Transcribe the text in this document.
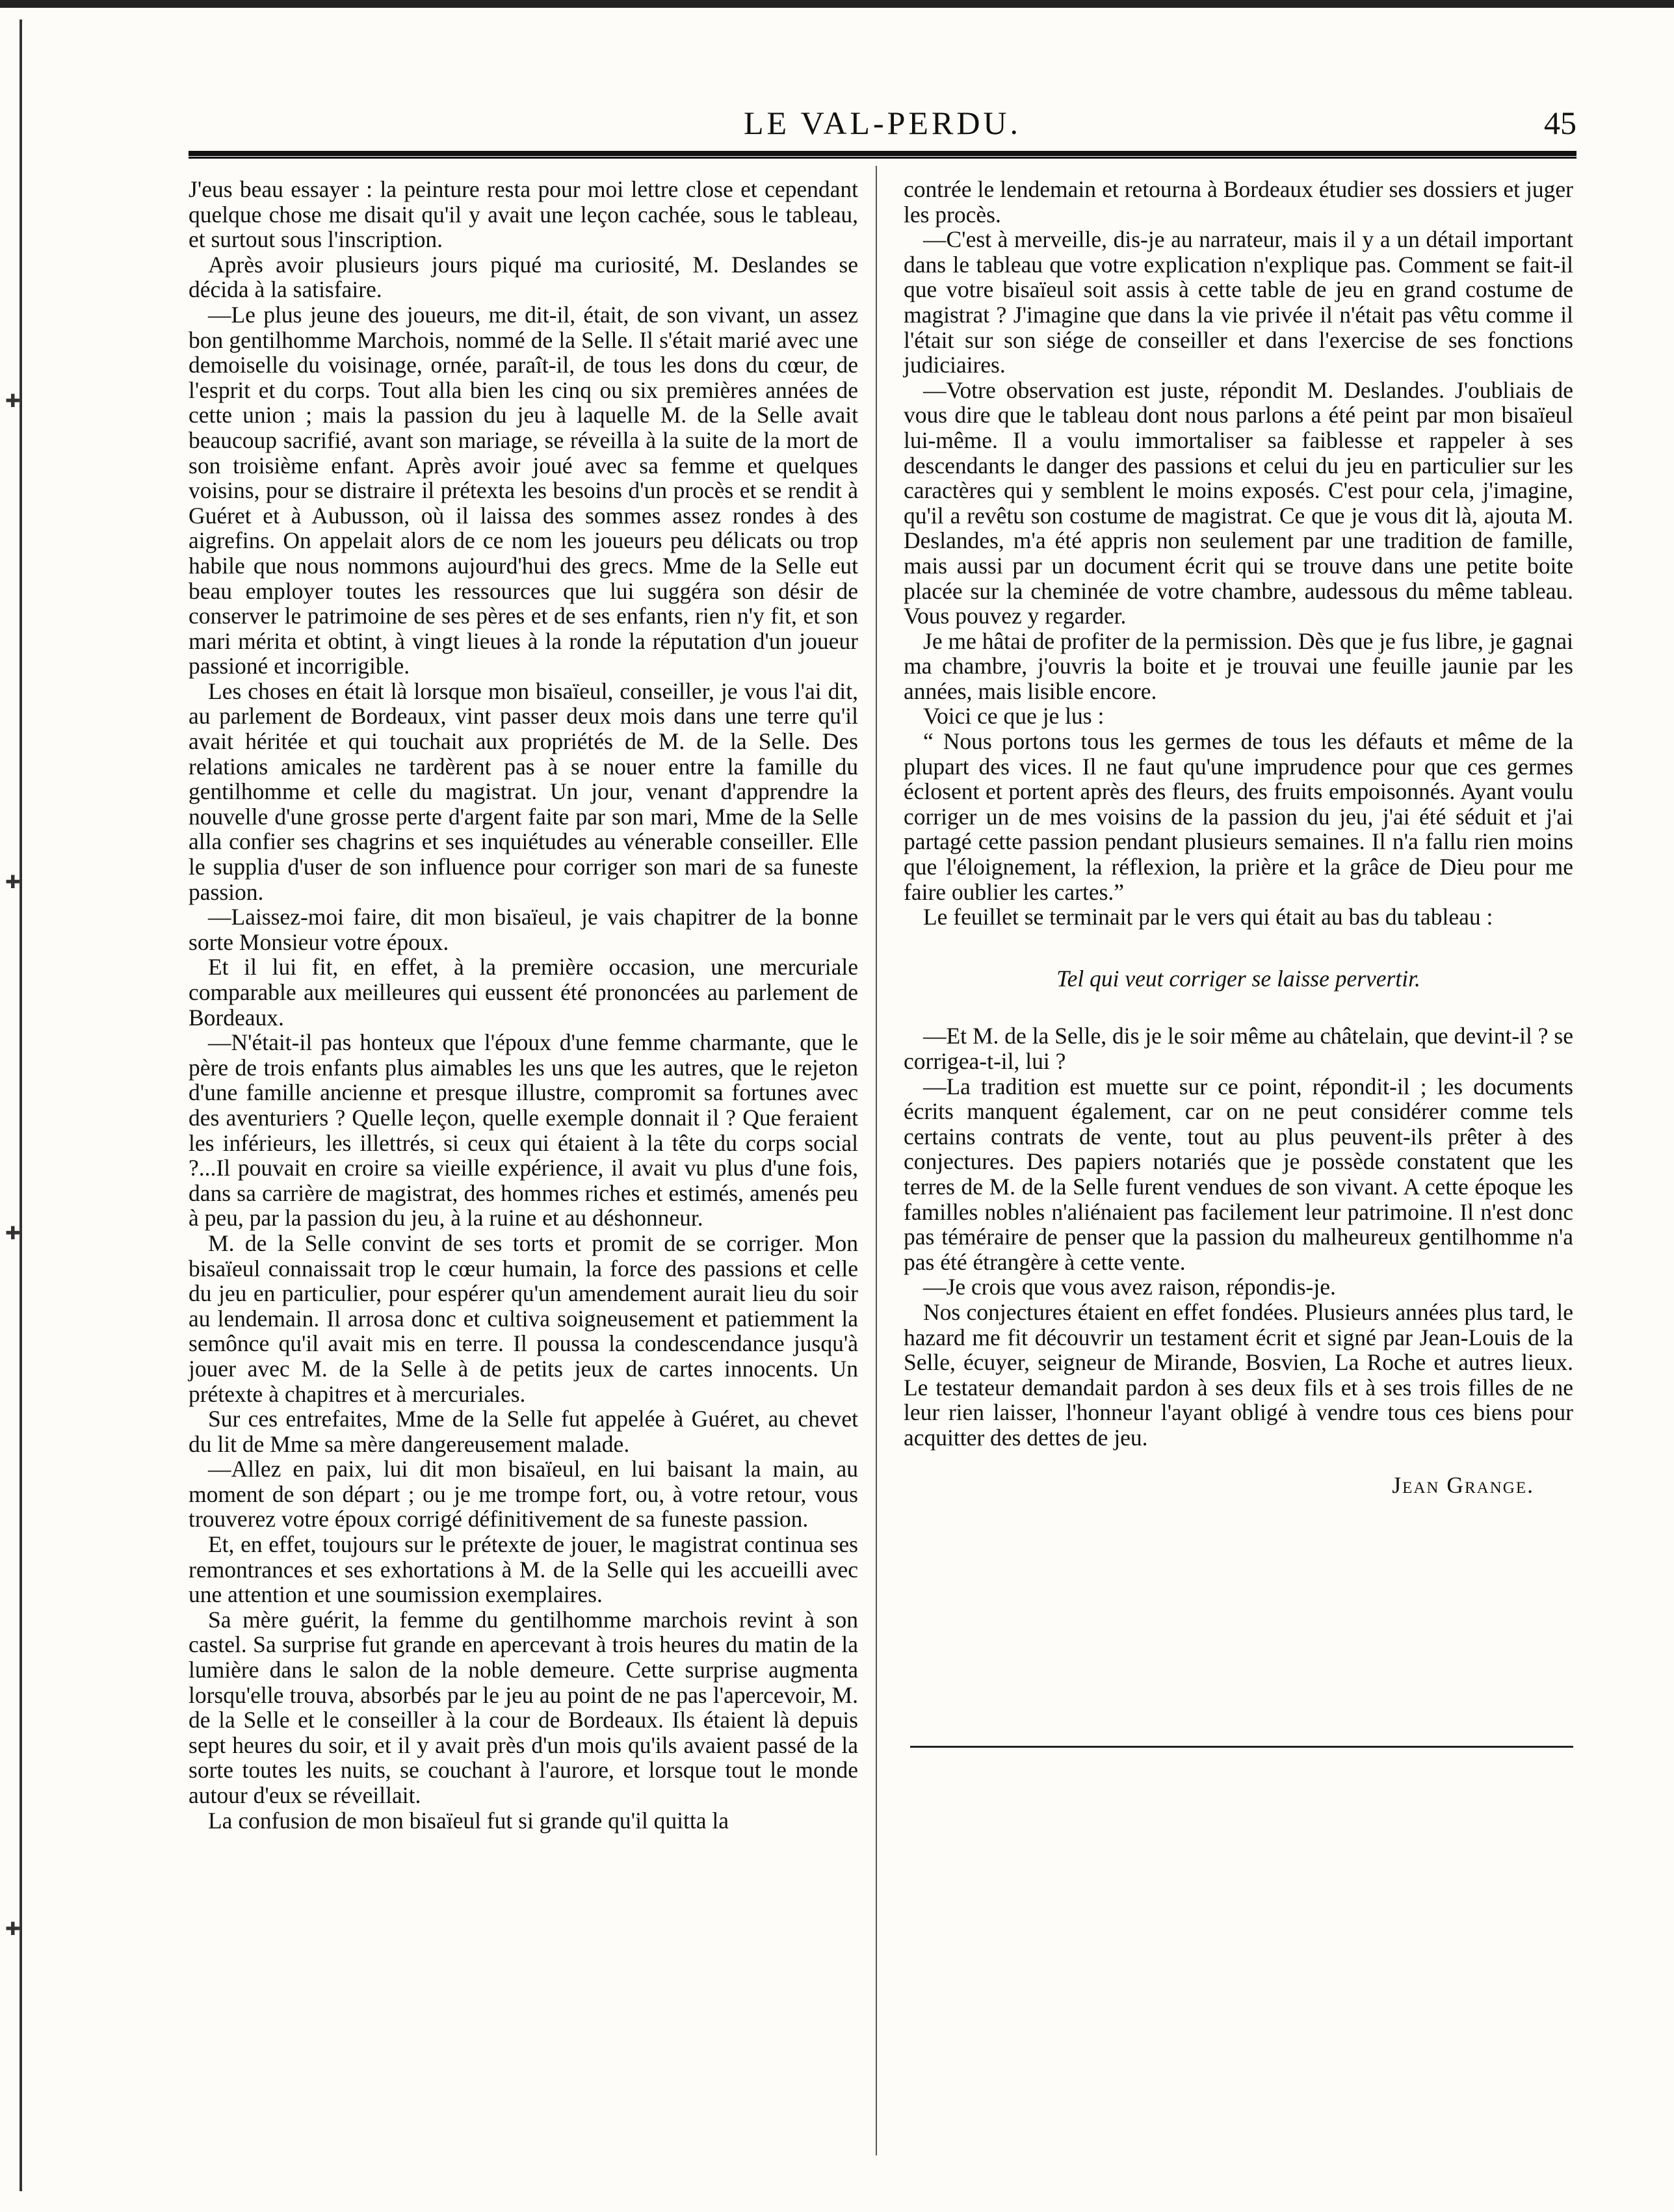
✚
✚
✚
✚
LE VAL-PERDU.	45

J'eus beau essayer : la peinture resta pour moi lettre close et cependant quelque chose me disait qu'il y avait une leçon cachée, sous le tableau, et surtout sous l'inscription.

Après avoir plusieurs jours piqué ma curiosité, M. Deslandes se décida à la satisfaire.

—Le plus jeune des joueurs, me dit-il, était, de son vivant, un assez bon gentilhomme Marchois, nommé de la Selle. Il s'était marié avec une demoiselle du voisinage, ornée, paraît-il, de tous les dons du cœur, de l'esprit et du corps. Tout alla bien les cinq ou six premières années de cette union ; mais la passion du jeu à laquelle M. de la Selle avait beaucoup sacrifié, avant son mariage, se réveilla à la suite de la mort de son troisième enfant. Après avoir joué avec sa femme et quelques voisins, pour se distraire il prétexta les besoins d'un procès et se rendit à Guéret et à Aubusson, où il laissa des sommes assez rondes à des aigrefins. On appelait alors de ce nom les joueurs peu délicats ou trop habile que nous nommons aujourd'hui des grecs. Mme de la Selle eut beau employer toutes les ressources que lui suggéra son désir de conserver le patrimoine de ses pères et de ses enfants, rien n'y fit, et son mari mérita et obtint, à vingt lieues à la ronde la réputation d'un joueur passioné et incorrigible.

Les choses en était là lorsque mon bisaïeul, conseiller, je vous l'ai dit, au parlement de Bordeaux, vint passer deux mois dans une terre qu'il avait héritée et qui touchait aux propriétés de M. de la Selle. Des relations amicales ne tardèrent pas à se nouer entre la famille du gentilhomme et celle du magistrat. Un jour, venant d'apprendre la nouvelle d'une grosse perte d'argent faite par son mari, Mme de la Selle alla confier ses chagrins et ses inquiétudes au vénerable conseiller. Elle le supplia d'user de son influence pour corriger son mari de sa funeste passion.

—Laissez-moi faire, dit mon bisaïeul, je vais chapitrer de la bonne sorte Monsieur votre époux.

Et il lui fit, en effet, à la première occasion, une mercuriale comparable aux meilleures qui eussent été prononcées au parlement de Bordeaux.

—N'était-il pas honteux que l'époux d'une femme charmante, que le père de trois enfants plus aimables les uns que les autres, que le rejeton d'une famille ancienne et presque illustre, compromit sa fortunes avec des aventuriers ? Quelle leçon, quelle exemple donnait il ? Que feraient les inférieurs, les illettrés, si ceux qui étaient à la tête du corps social ?...Il pouvait en croire sa vieille expérience, il avait vu plus d'une fois, dans sa carrière de magistrat, des hommes riches et estimés, amenés peu à peu, par la passion du jeu, à la ruine et au déshonneur.

M. de la Selle convint de ses torts et promit de se corriger. Mon bisaïeul connaissait trop le cœur humain, la force des passions et celle du jeu en particulier, pour espérer qu'un amendement aurait lieu du soir au lendemain. Il arrosa donc et cultiva soigneusement et patiemment la semônce qu'il avait mis en terre. Il poussa la condescendance jusqu'à jouer avec M. de la Selle à de petits jeux de cartes innocents. Un prétexte à chapitres et à mercuriales.

Sur ces entrefaites, Mme de la Selle fut appelée à Guéret, au chevet du lit de Mme sa mère dangereusement malade.

—Allez en paix, lui dit mon bisaïeul, en lui baisant la main, au moment de son départ ; ou je me trompe fort, ou, à votre retour, vous trouverez votre époux corrigé définitivement de sa funeste passion.

Et, en effet, toujours sur le prétexte de jouer, le magistrat continua ses remontrances et ses exhortations à M. de la Selle qui les accueilli avec une attention et une soumission exemplaires.

Sa mère guérit, la femme du gentilhomme marchois revint à son castel. Sa surprise fut grande en apercevant à trois heures du matin de la lumière dans le salon de la noble demeure. Cette surprise augmenta lorsqu'elle trouva, absorbés par le jeu au point de ne pas l'apercevoir, M. de la Selle et le conseiller à la cour de Bordeaux. Ils étaient là depuis sept heures du soir, et il y avait près d'un mois qu'ils avaient passé de la sorte toutes les nuits, se couchant à l'aurore, et lorsque tout le monde autour d'eux se réveillait.

La confusion de mon bisaïeul fut si grande qu'il quitta la

contrée le lendemain et retourna à Bordeaux étudier ses dossiers et juger les procès.

—C'est à merveille, dis-je au narrateur, mais il y a un détail important dans le tableau que votre explication n'explique pas. Comment se fait-il que votre bisaïeul soit assis à cette table de jeu en grand costume de magistrat ? J'imagine que dans la vie privée il n'était pas vêtu comme il l'était sur son siége de conseiller et dans l'exercise de ses fonctions judiciaires.

—Votre observation est juste, répondit M. Deslandes. J'oubliais de vous dire que le tableau dont nous parlons a été peint par mon bisaïeul lui-même. Il a voulu immortaliser sa faiblesse et rappeler à ses descendants le danger des passions et celui du jeu en particulier sur les caractères qui y semblent le moins exposés. C'est pour cela, j'imagine, qu'il a revêtu son costume de magistrat. Ce que je vous dit là, ajouta M. Deslandes, m'a été appris non seulement par une tradition de famille, mais aussi par un document écrit qui se trouve dans une petite boite placée sur la cheminée de votre chambre, audessous du même tableau. Vous pouvez y regarder.

Je me hâtai de profiter de la permission. Dès que je fus libre, je gagnai ma chambre, j'ouvris la boite et je trouvai une feuille jaunie par les années, mais lisible encore.

Voici ce que je lus :

“ Nous portons tous les germes de tous les défauts et même de la plupart des vices. Il ne faut qu'une imprudence pour que ces germes éclosent et portent après des fleurs, des fruits empoisonnés. Ayant voulu corriger un de mes voisins de la passion du jeu, j'ai été séduit et j'ai partagé cette passion pendant plusieurs semaines. Il n'a fallu rien moins que l'éloignement, la réflexion, la prière et la grâce de Dieu pour me faire oublier les cartes.”

Le feuillet se terminait par le vers qui était au bas du tableau :

Tel qui veut corriger se laisse pervertir.

—Et M. de la Selle, dis je le soir même au châtelain, que devint-il ? se corrigea-t-il, lui ?

—La tradition est muette sur ce point, répondit-il ; les documents écrits manquent également, car on ne peut considérer comme tels certains contrats de vente, tout au plus peuvent-ils prêter à des conjectures. Des papiers notariés que je possède constatent que les terres de M. de la Selle furent vendues de son vivant. A cette époque les familles nobles n'aliénaient pas facilement leur patrimoine. Il n'est donc pas téméraire de penser que la passion du malheureux gentilhomme n'a pas été étrangère à cette vente.

—Je crois que vous avez raison, répondis-je.

Nos conjectures étaient en effet fondées. Plusieurs années plus tard, le hazard me fit découvrir un testament écrit et signé par Jean-Louis de la Selle, écuyer, seigneur de Mirande, Bosvien, La Roche et autres lieux. Le testateur demandait pardon à ses deux fils et à ses trois filles de ne leur rien laisser, l'honneur l'ayant obligé à vendre tous ces biens pour acquitter des dettes de jeu.

Jean Grange.
